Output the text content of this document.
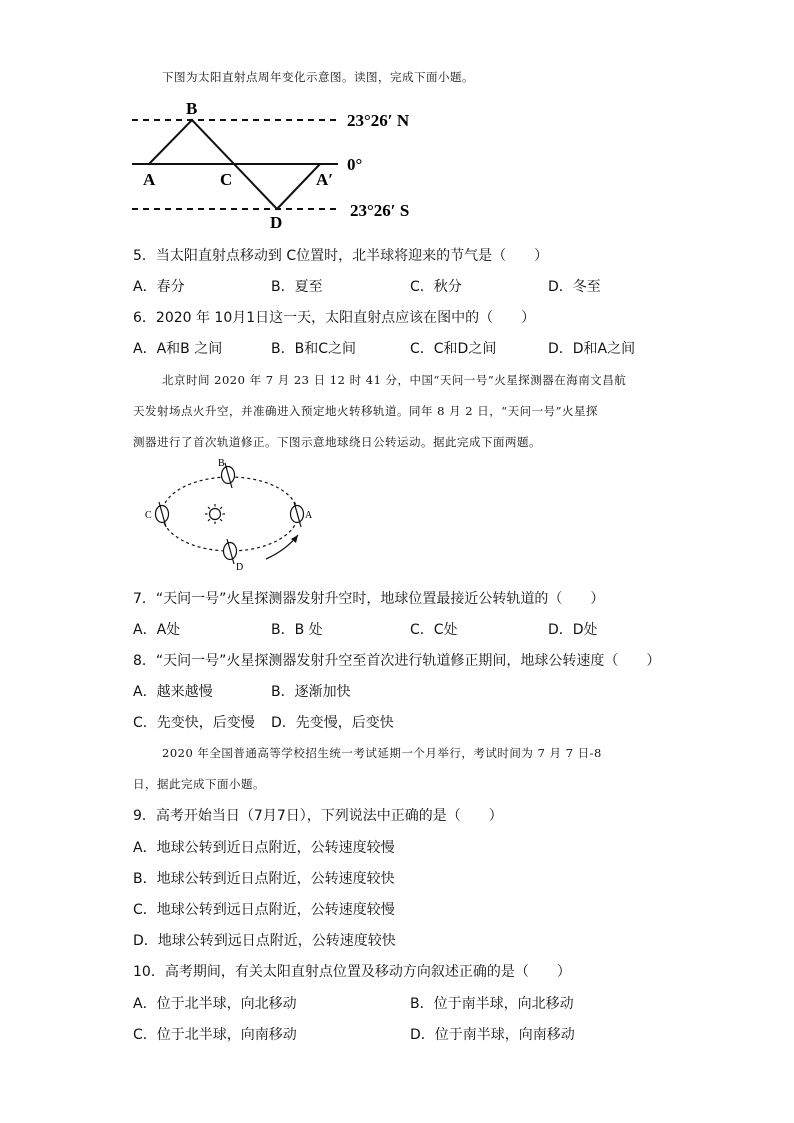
下图为太阳直射点周年变化示意图。读图，完成下面小题。
23°26′ N
0°
23°26′ S
B
A	C	A′
D
5．当太阳直射点移动到 C位置时，北半球将迎来的节气是（　　）
A．春分	B．夏至	C．秋分	D．冬至
6．2020 年 10月1日这一天，太阳直射点应该在图中的（　　）
A．A和B 之间	B．B和C之间	C．C和D之间	D．D和A之间
北京时间 2020 年 7 月 23 日 12 时 41 分，中国“天问一号”火星探测器在海南文昌航
天发射场点火升空，并准确进入预定地火转移轨道。同年 8 月 2 日，“天问一号”火星探
测器进行了首次轨道修正。下图示意地球绕日公转运动。据此完成下面两题。
B
C	A
D
7．“天问一号”火星探测器发射升空时，地球位置最接近公转轨道的（　　）
A．A处	B．B 处	C．C处	D．D处
8．“天问一号”火星探测器发射升空至首次进行轨道修正期间，地球公转速度（　　）
A．越来越慢	B．逐渐加快
C．先变快，后变慢 D．先变慢，后变快
2020 年全国普通高等学校招生统一考试延期一个月举行，考试时间为 7 月 7 日-8
日，据此完成下面小题。
9．高考开始当日（7月7日），下列说法中正确的是（　　）
A．地球公转到近日点附近，公转速度较慢
B．地球公转到近日点附近，公转速度较快
C．地球公转到远日点附近，公转速度较慢
D．地球公转到远日点附近，公转速度较快
10．高考期间，有关太阳直射点位置及移动方向叙述正确的是（　　）
A．位于北半球，向北移动	B．位于南半球，向北移动
C．位于北半球，向南移动	D．位于南半球，向南移动
